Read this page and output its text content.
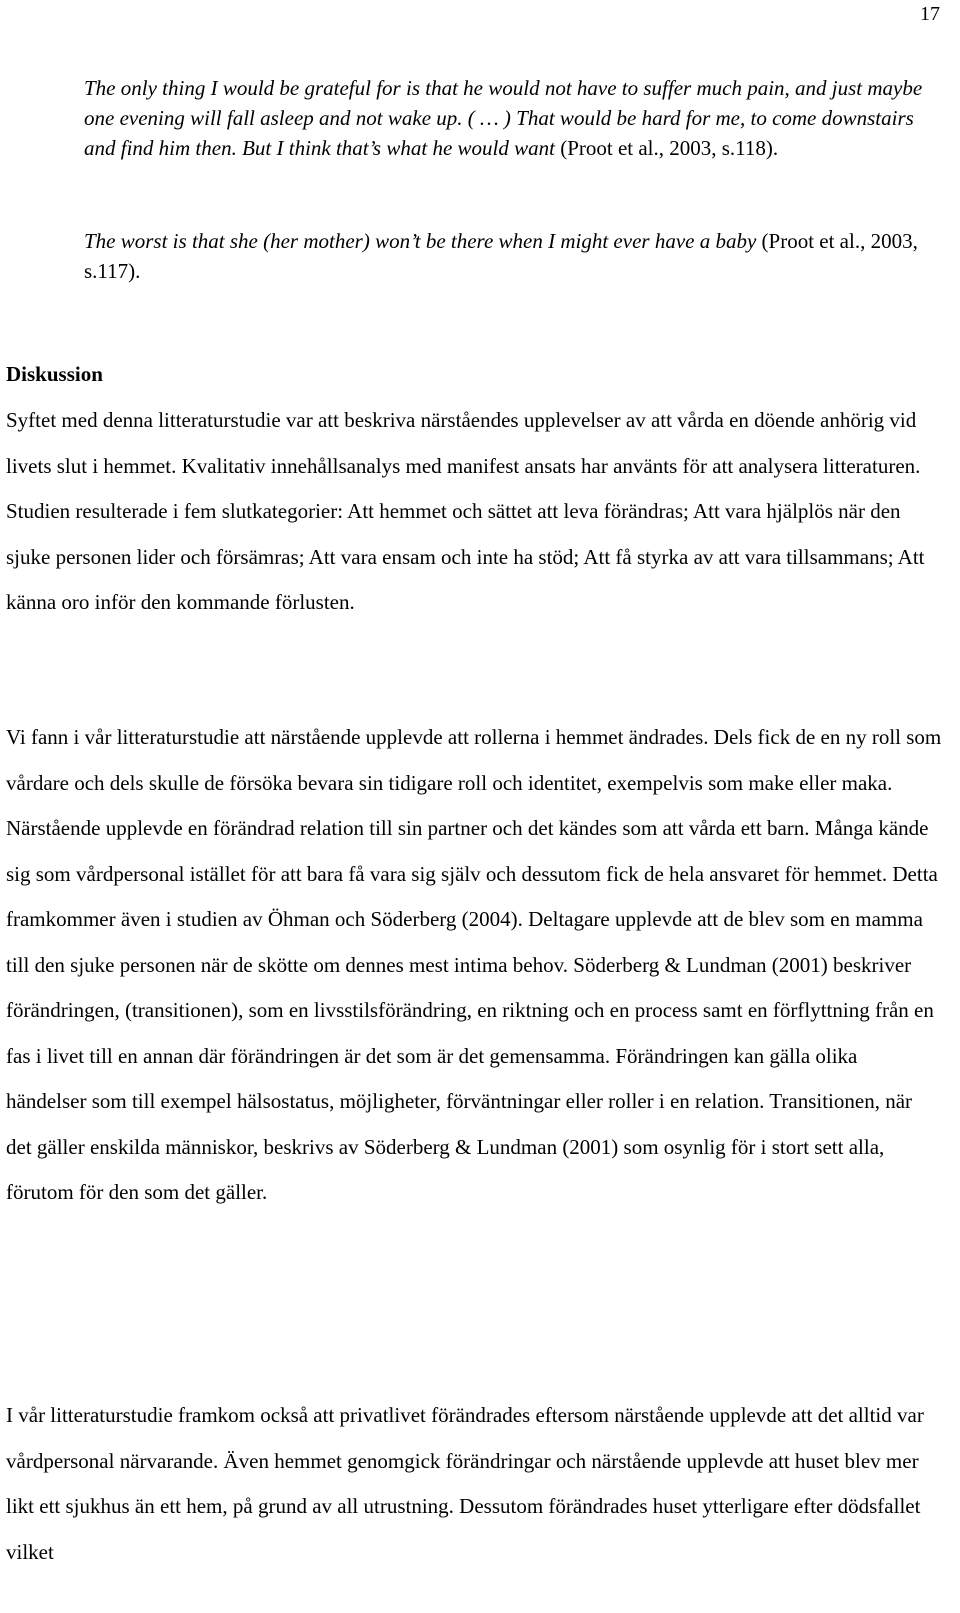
17

The only thing I would be grateful for is that he would not have to suffer much pain, and just maybe one evening will fall asleep and not wake up. ( … ) That would be hard for me, to come downstairs and find him then. But I think that’s what he would want (Proot et al., 2003, s.118).

The worst is that she (her mother) won’t be there when I might ever have a baby (Proot et al., 2003, s.117).

Diskussion

Syftet med denna litteraturstudie var att beskriva närståendes upplevelser av att vårda en döende anhörig vid livets slut i hemmet. Kvalitativ innehållsanalys med manifest ansats har använts för att analysera litteraturen. Studien resulterade i fem slutkategorier: Att hemmet och sättet att leva förändras; Att vara hjälplös när den sjuke personen lider och försämras; Att vara ensam och inte ha stöd; Att få styrka av att vara tillsammans; Att känna oro inför den kommande förlusten.

Vi fann i vår litteraturstudie att närstående upplevde att rollerna i hemmet ändrades. Dels fick de en ny roll som vårdare och dels skulle de försöka bevara sin tidigare roll och identitet, exempelvis som make eller maka. Närstående upplevde en förändrad relation till sin partner och det kändes som att vårda ett barn. Många kände sig som vårdpersonal istället för att bara få vara sig själv och dessutom fick de hela ansvaret för hemmet. Detta framkommer även i studien av Öhman och Söderberg (2004). Deltagare upplevde att de blev som en mamma till den sjuke personen när de skötte om dennes mest intima behov. Söderberg & Lundman (2001) beskriver förändringen, (transitionen), som en livsstilsförändring, en riktning och en process samt en förflyttning från en fas i livet till en annan där förändringen är det som är det gemensamma. Förändringen kan gälla olika händelser som till exempel hälsostatus, möjligheter, förväntningar eller roller i en relation. Transitionen, när det gäller enskilda människor, beskrivs av Söderberg & Lundman (2001) som osynlig för i stort sett alla, förutom för den som det gäller.

I vår litteraturstudie framkom också att privatlivet förändrades eftersom närstående upplevde att det alltid var vårdpersonal närvarande. Även hemmet genomgick förändringar och närstående upplevde att huset blev mer likt ett sjukhus än ett hem, på grund av all utrustning. Dessutom förändrades huset ytterligare efter dödsfallet vilket
